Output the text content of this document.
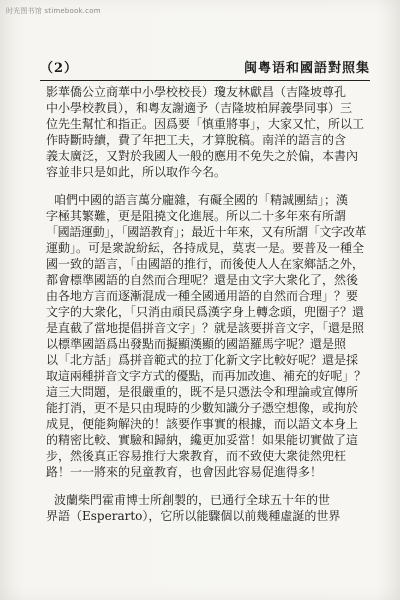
时光图书馆 stimebook.com
（2）	闽粤语和國語對照集
影華僑公立商華中小學校校長）瓊友林獻昌（吉隆坡尊孔
中小學校教員），和粵友謝適予（吉隆坡柏屛義學同事）三
位先生幫忙和指正。因爲要「慎重將事」，大家又忙，所以工
作時斷時續，費了年把工夫，才算脫稿。南洋的語言的含
義太廣泛，又對於我國人一般的應用不免失之於偏，本書內
容並非只是如此，所以取作今名。
咱們中國的語言萬分龐雜，有礙全國的「精誠團結」；漢
字極其繁難，更是阻撓文化進展。所以二十多年來有所謂
「國語運動」，「國語教育」；最近十年來，又有所謂「文字改革
運動」。可是衆說紛紜，各持成見，莫衷一是。要普及一種全
國一致的語言，「由國語的推行，而後使人人在家鄉話之外，
都會標準國語的自然而合理呢？還是由文字大衆化了，然後
由各地方言而逐漸混成一種全國通用語的自然而合理」？要
文字的大衆化，「只消由頑民爲漢字身上轉念頭，兜圈子？還
是直截了當地提倡拼音文字」？就是該要拼音文字，「還是照
以標準國語爲出發點而擬顯漢顯的國語羅馬字呢？還是照
以「北方話」爲拼音範式的拉丁化新文字比較好呢？還是採
取這兩種拼音文字方式的優點，而再加改進、補充的好呢」？
這三大問題，是很嚴重的，既不是只憑法令和理論或宣傳所
能打消，更不是只由現時的少數知識分子憑空想像，或拘於
成見，便能夠解決的！該要作事實的根據，而以語文本身上
的精密比較、實驗和歸納，纔更加妥當！如果能切實做了這
步，然後真正容易推行大衆教育，而不致使大衆徒然兜枉
路！一一將來的兒童教育，也會因此容易促進得多！
波蘭柴門霍甫博士所創製的，已通行全球五十年的世
界語（Esperarto），它所以能驟個以前幾種虛誕的世界
